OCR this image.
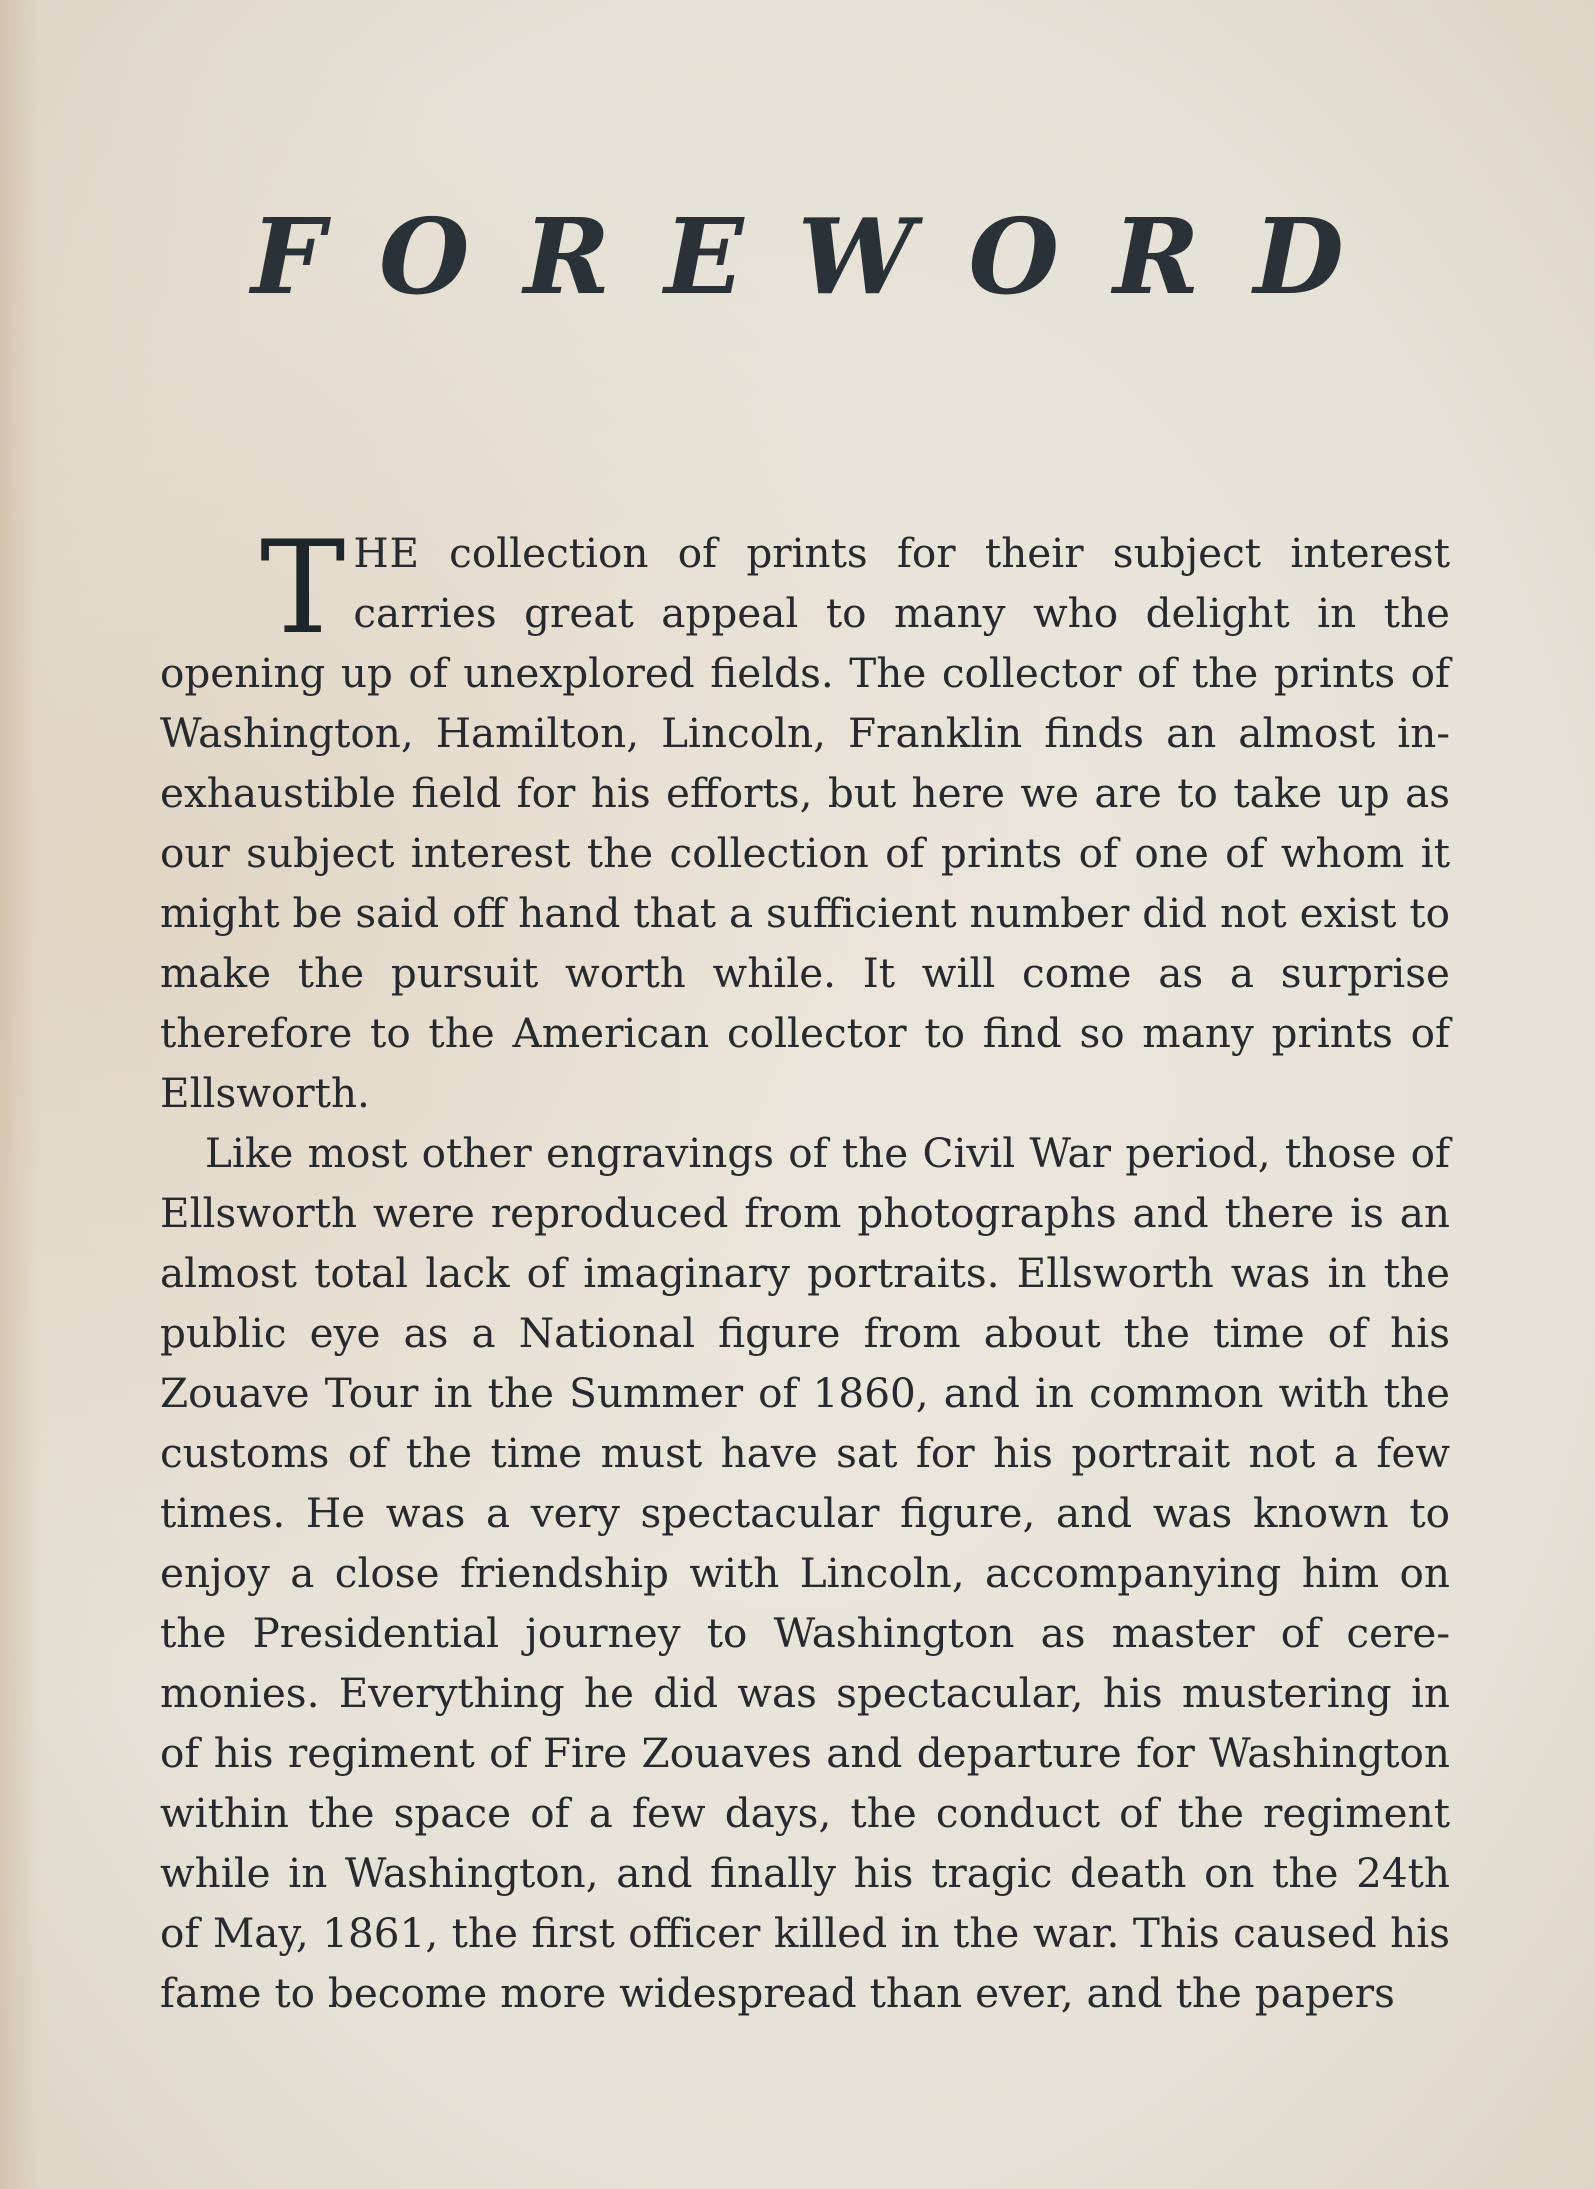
FOREWORD

THE collection of prints for their subject interest carries great appeal to many who delight in the opening up of unexplored fields. The collector of the prints of Washington, Hamilton, Lincoln, Franklin finds an almost inexhaustible field for his efforts, but here we are to take up as our subject interest the collection of prints of one of whom it might be said off hand that a sufficient number did not exist to make the pursuit worth while. It will come as a surprise therefore to the American collector to find so many prints of Ellsworth.

Like most other engravings of the Civil War period, those of Ellsworth were reproduced from photographs and there is an almost total lack of imaginary portraits. Ellsworth was in the public eye as a National figure from about the time of his Zouave Tour in the Summer of 1860, and in common with the customs of the time must have sat for his portrait not a few times. He was a very spectacular figure, and was known to enjoy a close friendship with Lincoln, accompanying him on the Presidential journey to Washington as master of ceremonies. Everything he did was spectacular, his mustering in of his regiment of Fire Zouaves and departure for Washington within the space of a few days, the conduct of the regiment while in Washington, and finally his tragic death on the 24th of May, 1861, the first officer killed in the war. This caused his fame to become more widespread than ever, and the papers
